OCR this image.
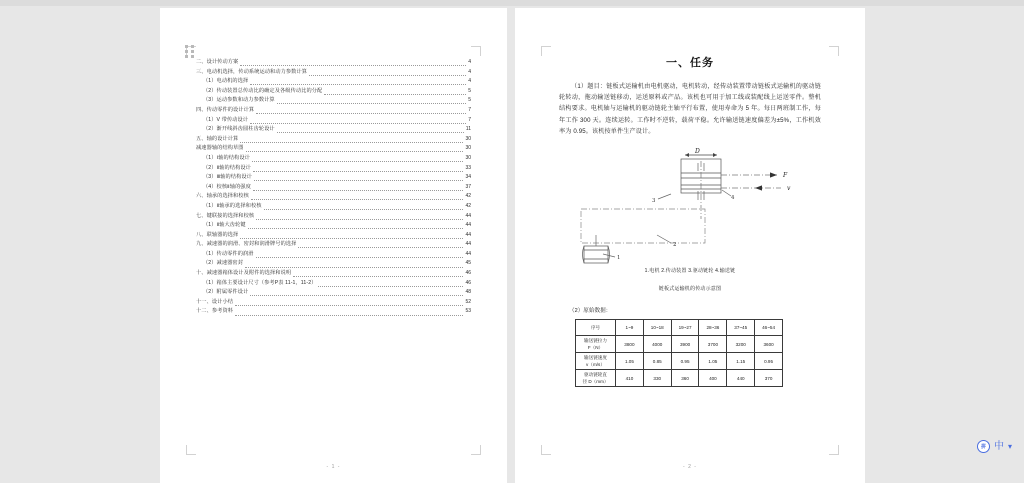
二、设计传动方案	4
三、电动机选择，传动系统运动和动力参数计算	4
（1）电动机的选择	4
（2）传动装置总传动比的确定及各级传动比的分配	5
（3）运动参数和动力参数计算	5
四、传动零件的设计计算	7
（1）V 带传动设计	7
（2）渐开线斜齿圆柱齿轮设计	11
五、轴的设计计算	30
减速器轴的结构草图	30
（1）Ⅰ轴的结构设计	30
（2）Ⅱ轴的结构设计	33
（3）Ⅲ轴的结构设计	34
（4）校核Ⅱ轴的强度	37
六、轴承的选择和校核	42
（1）Ⅱ轴承的选择和校核	42
七、键联接的选择和校核	44
（1）Ⅱ轴大齿轮键	44
八、联轴器的选择	44
九、减速器的润滑、密封和润滑牌号的选择	44
（1）传动零件的润滑	44
（2）减速器密封	45
十、减速器箱体设计及附件的选择和说明	46
（1）箱体主要设计尺寸（参考P表 11-1，11-2）	46
（2）附属零件设计	48
十一、设计小结	52
十二、参考资料	53
- 1 -
一、任务
（1）题目：链板式运输机由电机驱动，电机转动，经传动装置带动链板式运输机的驱动链轮转动，拖动输送链移动，运送原料或产品。该机也可用于加工线或装配线上运送零件。整机结构要求。电机轴与运输机的驱动链轮主轴平行布置，使用寿命为 5 年。每日两班制工作，每年工作 300 天。连续运转。工作时不逆转，载荷平稳。允许输送链速度偏差为±5%，工作机效率为 0.95。该机按单件生产设计。
D
F
v
1
2
3	4
1.电机 2.传动装置 3.驱动链轮 4.输送链
链板式运输机的传动示意图
（2）原始数据：
序号	1~9	10~18	19~27	28~36	37~45	46~54

输送链拉力
F（N）	3800	4000	3900	3700	3200	3600

输送链速度
v（m/s）	1.05	0.85	0.95	1.05	1.15	0.95

驱动链轮直
径 D（mm）	410	330	360	400	440	370
- 2 -
拼 中 ▾
